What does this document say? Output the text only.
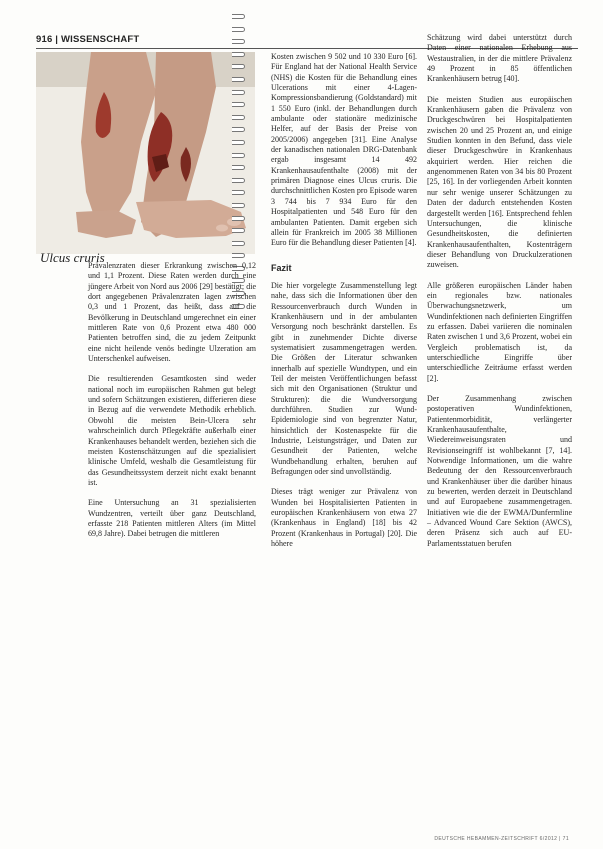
916 | WISSENSCHAFT
Ulcus cruris

Prävalenzraten dieser Erkrankung zwischen 0,12 und 1,1 Prozent. Diese Raten werden durch eine jüngere Arbeit von Nord aus 2006 [29] bestätigt; die dort angegebenen Prävalenzraten lagen zwischen 0,3 und 1 Prozent, das heißt, dass auf die Bevölkerung in Deutschland umgerechnet ein einer mittleren Rate von 0,6 Prozent etwa 480 000 Patienten betroffen sind, die zu jedem Zeitpunkt eine nicht heilende venös bedingte Ulzeration am Unterschenkel aufweisen.

Die resultierenden Gesamtkosten sind weder national noch im europäischen Rahmen gut belegt und sofern Schätzungen existieren, differieren diese in Bezug auf die verwendete Methodik erheblich. Obwohl die meisten Bein-Ulcera sehr wahrscheinlich durch Pflegekräfte außerhalb einer Krankenhauses behandelt werden, beziehen sich die meisten Kostenschätzungen auf die spezialisiert klinische Umfeld, weshalb die Gesamtleistung für das Gesundheitssystem derzeit nicht exakt benannt ist.

Eine Untersuchung an 31 spezialisierten Wundzentren, verteilt über ganz Deutschland, erfasste 218 Patienten mittleren Alters (im Mittel 69,8 Jahre). Dabei betrugen die mittleren

Kosten zwischen 9 502 und 10 330 Euro [6]. Für England hat der National Health Service (NHS) die Kosten für die Behandlung eines Ulcerations mit einer 4-Lagen-Kompressionsbandierung (Goldstandard) mit 1 550 Euro (inkl. der Behandlungen durch ambulante oder stationäre medizinische Helfer, auf der Basis der Preise von 2005/2006) angegeben [31]. Eine Analyse der kanadischen nationalen DRG-Datenbank ergab insgesamt 14 492 Krankenhausaufenthalte (2008) mit der primären Diagnose eines Ulcus cruris. Die durchschnittlichen Kosten pro Episode waren 3 744 bis 7 934 Euro für den Hospitalpatienten und 548 Euro für den ambulanten Patienten. Damit ergeben sich allein für Frankreich im 2005 38 Millionen Euro für die Behandlung dieser Patienten [4].

Fazit

Die hier vorgelegte Zusammenstellung legt nahe, dass sich die Informationen über den Ressourcenverbrauch durch Wunden in Krankenhäusern und in der ambulanten Versorgung noch beschränkt darstellen. Es gibt in zunehmender Dichte diverse systematisiert zusammengetragen werden. Die Größen der Literatur schwanken innerhalb auf spezielle Wundtypen, und ein Teil der meisten Veröffentlichungen befasst sich mit den Organisationen (Struktur und Strukturen): die die Wundversorgung durchführen. Studien zur Wund-Epidemiologie sind von begrenzter Natur, hinsichtlich der Kostenaspekte für die Industrie, Leistungsträger, und Daten zur Gesundheit der Patienten, welche Wundbehandlung erhalten, beruhen auf Befragungen oder sind unvollständig.

Dieses trägt weniger zur Prävalenz von Wunden bei Hospitalisierten Patienten in europäischen Krankenhäusern von etwa 27 (Krankenhaus in England) [18] bis 42 Prozent (Krankenhaus in Portugal) [20]. Die höhere

Schätzung wird dabei unterstützt durch Daten einer nationalen Erhebung aus Westaustralien, in der die mittlere Prävalenz 49 Prozent in 85 öffentlichen Krankenhäusern betrug [40].

Die meisten Studien aus europäischen Krankenhäusern gaben die Prävalenz von Druckgeschwüren bei Hospitalpatienten zwischen 20 und 25 Prozent an, und einige Studien konnten in den Befund, dass viele dieser Druckgeschwüre in Krankenhaus akquiriert werden. Hier reichen die angenommenen Raten von 34 bis 80 Prozent [25, 16]. In der vorliegenden Arbeit konnten nur sehr wenige unserer Schätzungen zu Daten der dadurch entstehenden Kosten dargestellt werden [16]. Entsprechend fehlen Untersuchungen, die klinische Gesundheitskosten, die definierten Krankenhausaufenthalten, Kostenträgern dieser Behandlung von Druckulzerationen zuweisen.

Alle größeren europäischen Länder haben ein regionales bzw. nationales Überwachungsnetzwerk, um Wundinfektionen nach definierten Eingriffen zu erfassen. Dabei variieren die nominalen Raten zwischen 1 und 3,6 Prozent, wobei ein Vergleich problematisch ist, da unterschiedliche Eingriffe über unterschiedliche Zeiträume erfasst werden [2].

Der Zusammenhang zwischen postoperativen Wundinfektionen, Patientenmorbidität, verlängerter Krankenhausaufenthalte, Wiedereinweisungsraten und Revisionseingriff ist wohlbekannt [7, 14]. Notwendige Informationen, um die wahre Bedeutung der den Ressourcenverbrauch und Krankenhäuser über die darüber hinaus zu bewerten, werden derzeit in Deutschland und auf Europaebene zusammengetragen. Initiativen wie die der EWMA/Dunfermline – Advanced Wound Care Sektion (AWCS), deren Präsenz sich auch auf EU-Parlamentsstatuen berufen

DEUTSCHE HEBAMMEN-ZEITSCHRIFT 6/2012 | 71
